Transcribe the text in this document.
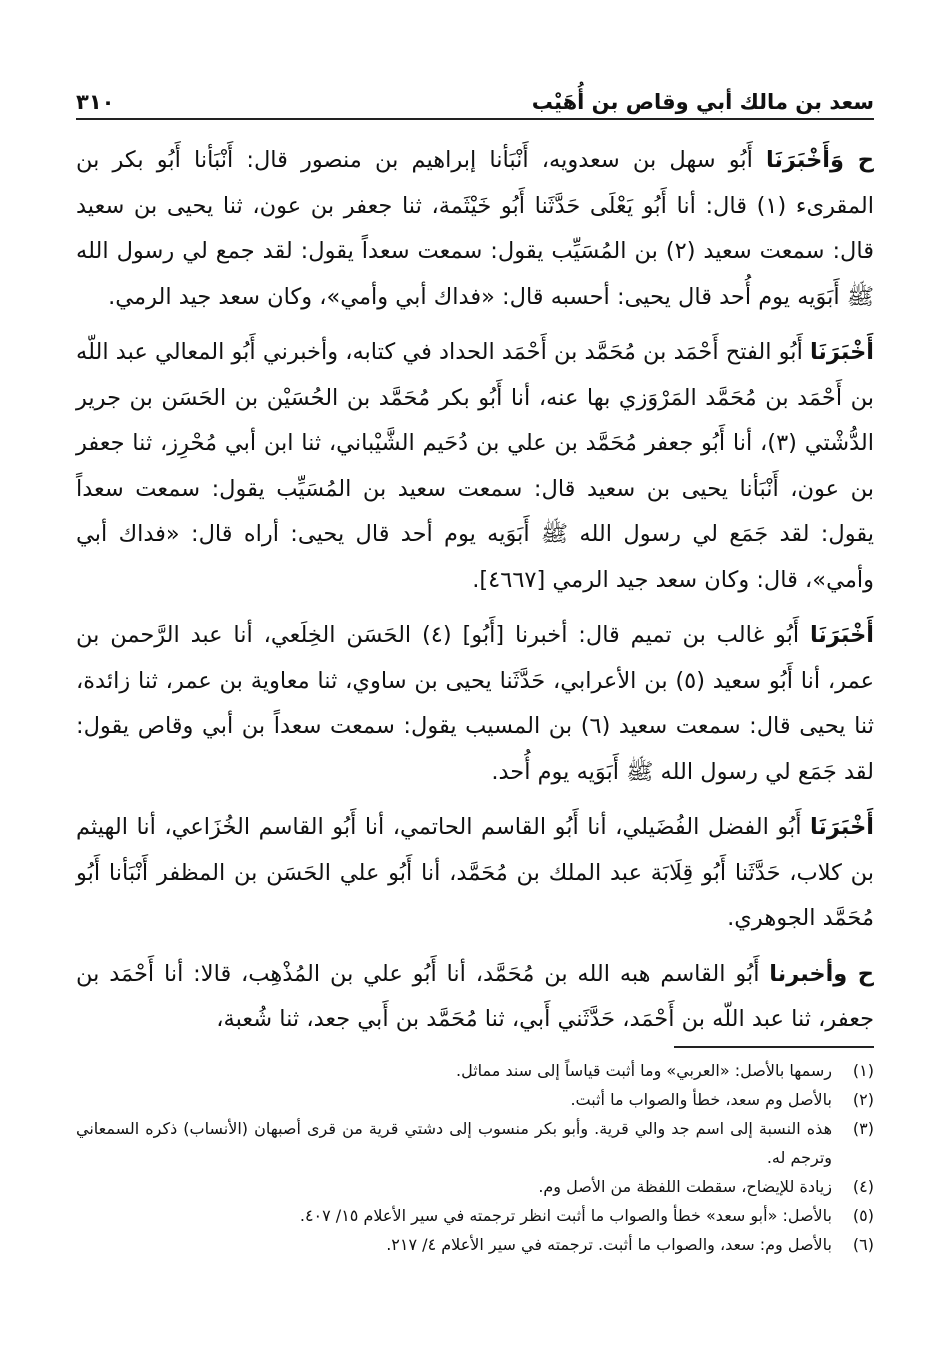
سعد بن مالك أبي وقاص بن أُهَيْب
٣١٠

ح وَأَخْبَرَنَا أَبُو سهل بن سعدويه، أَنْبَأنا إبراهيم بن منصور قال: أَنْبَأنا أَبُو بكر بن المقرىء (١) قال: أنا أَبُو يَعْلَى حَدَّثَنا أَبُو خَيْثَمة، ثنا جعفر بن عون، ثنا يحيى بن سعيد قال: سمعت سعيد (٢) بن المُسَيِّب يقول: سمعت سعداً يقول: لقد جمع لي رسول الله ﷺ أَبَوَيه يوم أُحد قال يحيى: أحسبه قال: «فداك أبي وأمي»، وكان سعد جيد الرمي.

أَخْبَرَنَا أَبُو الفتح أَحْمَد بن مُحَمَّد بن أَحْمَد الحداد في كتابه، وأخبرني أَبُو المعالي عبد اللّه بن أَحْمَد بن مُحَمَّد المَرْوَزي بها عنه، أنا أَبُو بكر مُحَمَّد بن الحُسَيْن بن الحَسَن بن جرير الدُّشْتي (٣)، أنا أَبُو جعفر مُحَمَّد بن علي بن دُحَيم الشَّيْباني، ثنا ابن أبي مُحْرِز، ثنا جعفر بن عون، أَنْبَأنا يحيى بن سعيد قال: سمعت سعيد بن المُسَيِّب يقول: سمعت سعداً يقول: لقد جَمَع لي رسول الله ﷺ أَبَوَيه يوم أحد قال يحيى: أراه قال: «فداك أبي وأمي»، قال: وكان سعد جيد الرمي [٤٦٦٧].

أَخْبَرَنَا أَبُو غالب بن تميم قال: أخبرنا [أَبُو] (٤) الحَسَن الخِلَعي، أنا عبد الرَّحمن بن عمر، أنا أَبُو سعيد (٥) بن الأعرابي، حَدَّثَنا يحيى بن ساوي، ثنا معاوية بن عمر، ثنا زائدة، ثنا يحيى قال: سمعت سعيد (٦) بن المسيب يقول: سمعت سعداً بن أبي وقاص يقول: لقد جَمَع لي رسول الله ﷺ أَبَوَيه يوم أُحد.

أَخْبَرَنَا أَبُو الفضل الفُضَيلي، أنا أَبُو القاسم الحاتمي، أنا أَبُو القاسم الخُزَاعي، أنا الهيثم بن كلاب، حَدَّثَنا أَبُو قِلَابَة عبد الملك بن مُحَمَّد، أنا أَبُو علي الحَسَن بن المظفر أَنْبَأنا أَبُو مُحَمَّد الجوهري.

ح وأخبرنا أَبُو القاسم هبه الله بن مُحَمَّد، أنا أَبُو علي بن المُذْهِب، قالا: أنا أَحْمَد بن جعفر، ثنا عبد اللّه بن أَحْمَد، حَدَّثَني أَبي، ثنا مُحَمَّد بن أَبي جعد، ثنا شُعبة،

(١)
رسمها بالأصل: «العربي» وما أثبت قياساً إلى سند مماثل.
(٢)
بالأصل وم سعد، خطأ والصواب ما أثبت.
(٣)
هذه النسبة إلى اسم جد والي قرية. وأبو بكر منسوب إلى دشتي قرية من قرى أصبهان (الأنساب) ذكره السمعاني وترجم له.
(٤)
زيادة للإيضاح، سقطت اللفظة من الأصل وم.
(٥)
بالأصل: «أبو سعد» خطأ والصواب ما أثبت انظر ترجمته في سير الأعلام ١٥/ ٤٠٧.
(٦)
بالأصل وم: سعد، والصواب ما أثبت. ترجمته في سير الأعلام ٤/ ٢١٧.
